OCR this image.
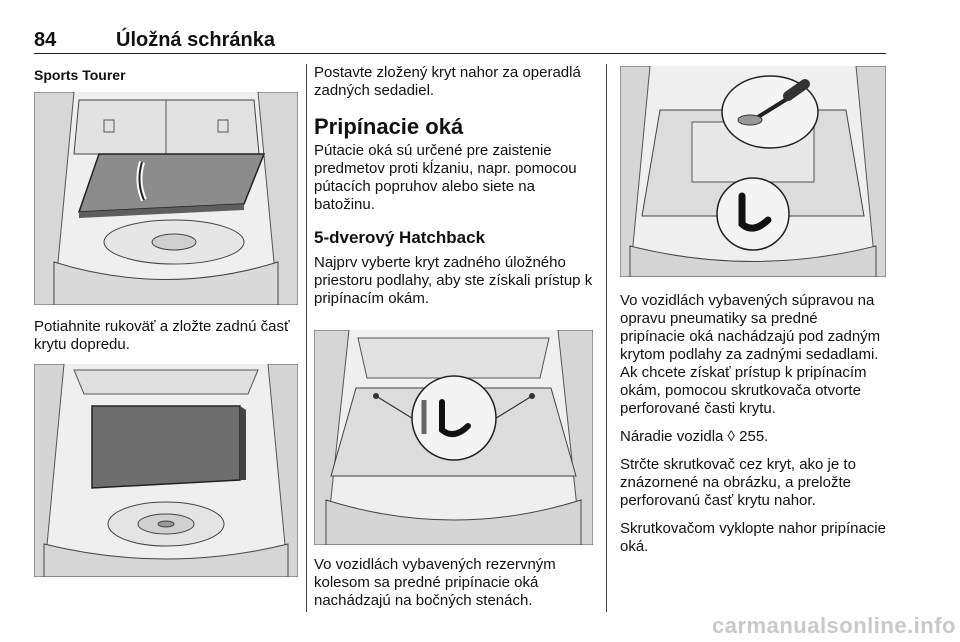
84	Úložná schránka

Sports Tourer

Potiahnite rukoväť a zložte zadnú časť krytu dopredu.

Postavte zložený kryt nahor za operadlá zadných sedadiel.

Pripínacie oká

Pútacie oká sú určené pre zaistenie predmetov proti kĺzaniu, napr. pomocou pútacích popruhov alebo siete na batožinu.

5-dverový Hatchback

Najprv vyberte kryt zadného úložného priestoru podlahy, aby ste získali prístup k pripínacím okám.

Vo vozidlách vybavených rezervným kolesom sa predné pripínacie oká nachádzajú na bočných stenách.

Vo vozidlách vybavených súpravou na opravu pneumatiky sa predné pripínacie oká nachádzajú pod zadným krytom podlahy za zadnými sedadlami. Ak chcete získať prístup k pripínacím okám, pomocou skrutkovača otvorte perforované časti krytu.

Náradie vozidla ◊ 255.

Strčte skrutkovač cez kryt, ako je to znázornené na obrázku, a preložte perforovanú časť krytu nahor.

Skrutkovačom vyklopte nahor pripínacie oká.

carmanualsonline.info
